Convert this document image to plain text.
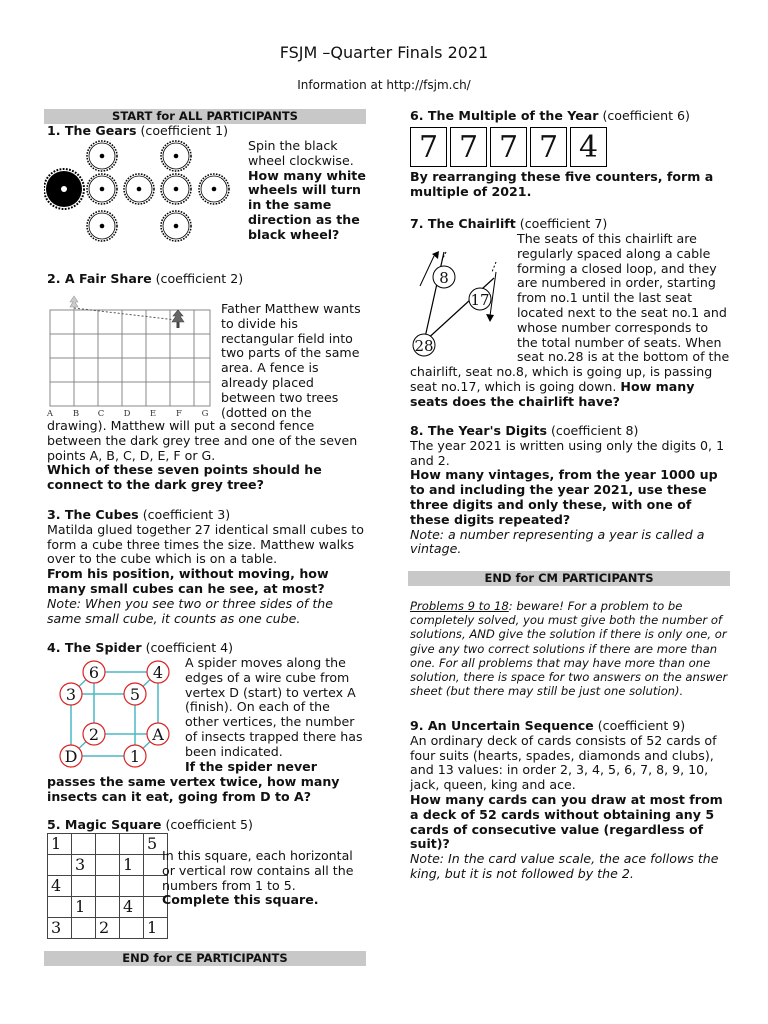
FSJM –Quarter Finals 2021
Information at http://fsjm.ch/
START for ALL PARTICIPANTS
1. The Gears (coefficient 1)
Spin the black wheel clockwise. How many white wheels will turn in the same direction as the black wheel?
2. A Fair Share (coefficient 2)
A B C D E F G
Father Matthew wants to divide his rectangular field into two parts of the same area. A fence is already placed between two trees (dotted on the
drawing). Matthew will put a second fence between the dark grey tree and one of the seven points A, B, C, D, E, F or G.
Which of these seven points should he connect to the dark grey tree?
3. The Cubes (coefficient 3)
Matilda glued together 27 identical small cubes to form a cube three times the size. Matthew walks over to the cube which is on a table.
From his position, without moving, how many small cubes can he see, at most?
Note: When you see two or three sides of the same small cube, it counts as one cube.
4. The Spider (coefficient 4)
6	4
3	5
2	A
D	1
A spider moves along the edges of a wire cube from vertex D (start) to vertex A (finish). On each of the other vertices, the number of insects trapped there has been indicated.
If the spider never passes the same vertex twice, how many insects can it eat, going from D to A?
5. Magic Square (coefficient 5)
1				5
	3		1	
4				
	1		4	
3		2		1
In this square, each horizontal or vertical row contains all the numbers from 1 to 5.
Complete this square.
END for CE PARTICIPANTS
6. The Multiple of the Year (coefficient 6)
7 7 7 7 4
By rearranging these five counters, form a multiple of 2021.
7. The Chairlift (coefficient 7)
The seats of this chairlift are regularly spaced along a cable forming a closed loop, and they are numbered in order, starting from no.1 until the last seat located next to the seat no.1 and whose number corresponds to the total number of seats. When seat no.28 is at the bottom of the chairlift, seat no.8, which is going up, is passing seat no.17, which is going down. How many seats does the chairlift have?
8
17
28
8. The Year's Digits (coefficient 8)
The year 2021 is written using only the digits 0, 1 and 2.
How many vintages, from the year 1000 up to and including the year 2021, use these three digits and only these, with one of these digits repeated?
Note: a number representing a year is called a vintage.
END for CM PARTICIPANTS
Problems 9 to 18: beware! For a problem to be completely solved, you must give both the number of solutions, AND give the solution if there is only one, or give any two correct solutions if there are more than one. For all problems that may have more than one solution, there is space for two answers on the answer sheet (but there may still be just one solution).
9. An Uncertain Sequence (coefficient 9)
An ordinary deck of cards consists of 52 cards of four suits (hearts, spades, diamonds and clubs), and 13 values: in order 2, 3, 4, 5, 6, 7, 8, 9, 10, jack, queen, king and ace.
How many cards can you draw at most from a deck of 52 cards without obtaining any 5 cards of consecutive value (regardless of suit)?
Note: In the card value scale, the ace follows the king, but it is not followed by the 2.
